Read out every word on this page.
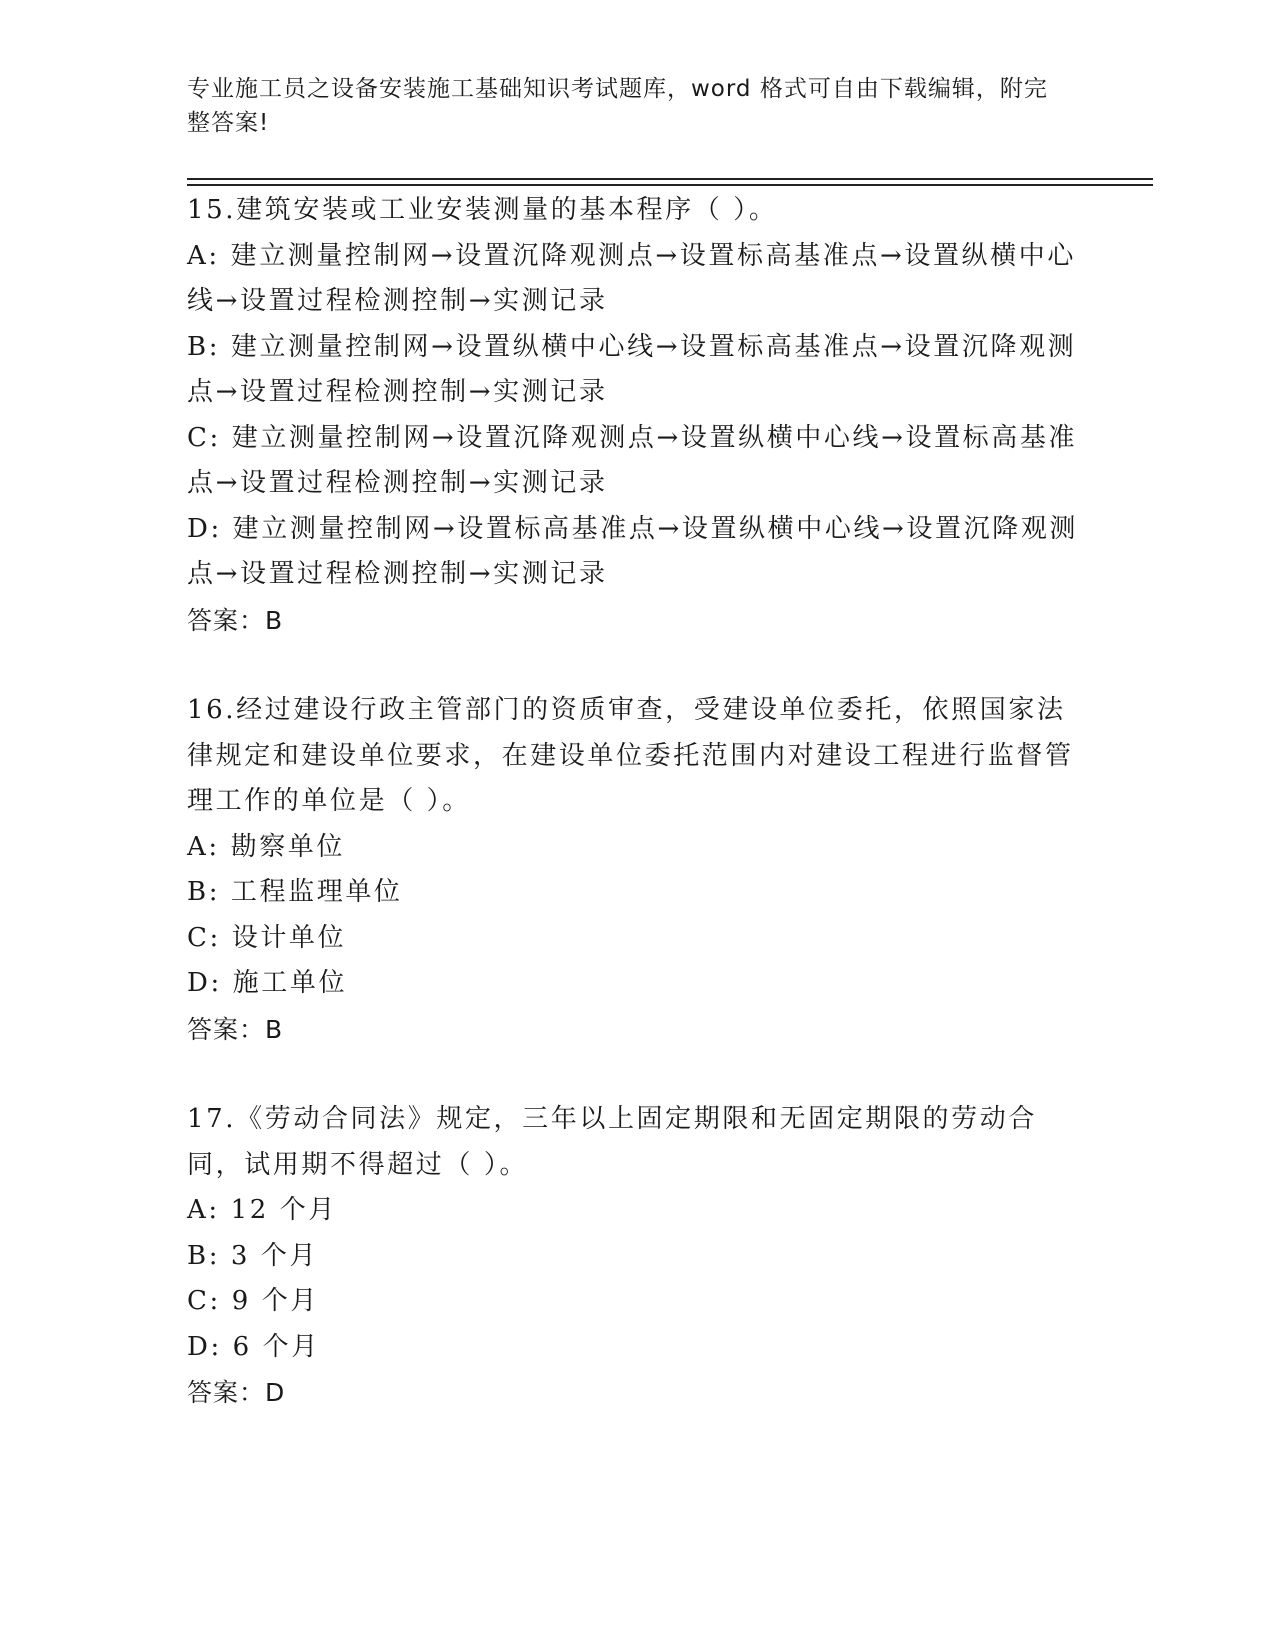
专业施工员之设备安装施工基础知识考试题库，word 格式可自由下载编辑，附完整答案!

15.建筑安装或工业安装测量的基本程序（ ）。

A: 建立测量控制网→设置沉降观测点→设置标高基准点→设置纵横中心线→设置过程检测控制→实测记录

B: 建立测量控制网→设置纵横中心线→设置标高基准点→设置沉降观测点→设置过程检测控制→实测记录

C: 建立测量控制网→设置沉降观测点→设置纵横中心线→设置标高基准点→设置过程检测控制→实测记录

D: 建立测量控制网→设置标高基准点→设置纵横中心线→设置沉降观测点→设置过程检测控制→实测记录

答案：B

16.经过建设行政主管部门的资质审查，受建设单位委托，依照国家法律规定和建设单位要求，在建设单位委托范围内对建设工程进行监督管理工作的单位是（ ）。

A: 勘察单位

B: 工程监理单位

C: 设计单位

D: 施工单位

答案：B

17.《劳动合同法》规定，三年以上固定期限和无固定期限的劳动合同，试用期不得超过（ ）。

A: 12 个月

B: 3 个月

C: 9 个月

D: 6 个月

答案：D
